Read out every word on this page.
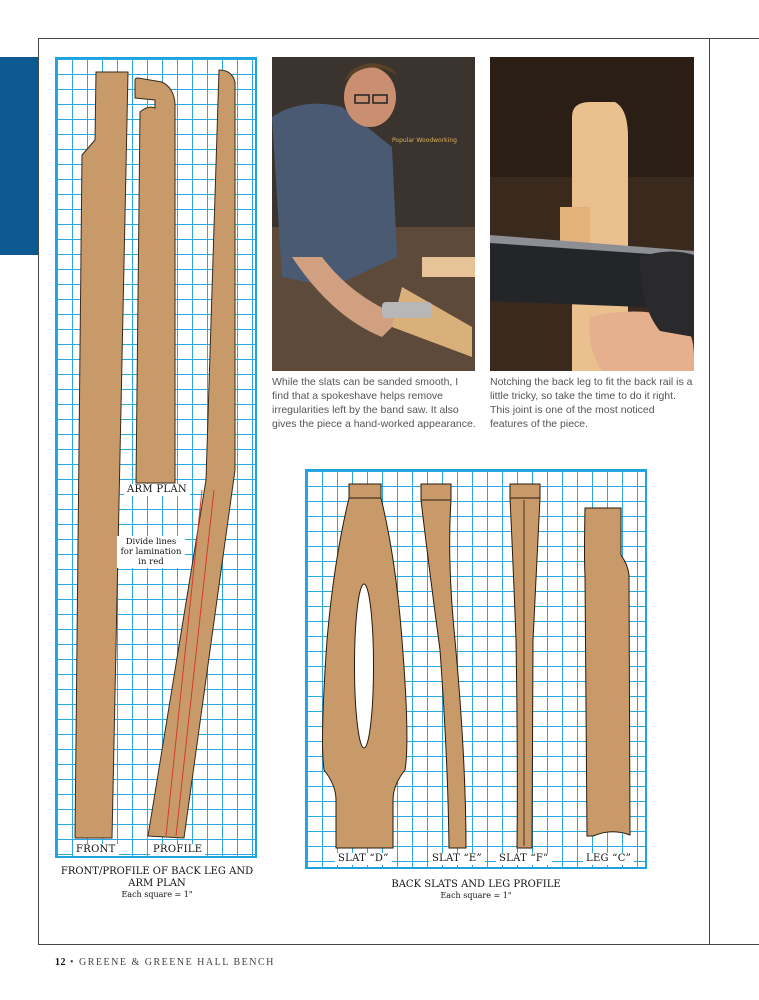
ARM PLAN
Divide lines for lamination in red
FRONT	PROFILE
FRONT/PROFILE OF BACK LEG AND ARM PLAN
Each square = 1"
Popular Woodworking
While the slats can be sanded smooth, I find that a spokeshave helps remove irregularities left by the band saw. It also gives the piece a hand-worked appearance.
Notching the back leg to fit the back rail is a little tricky, so take the time to do it right. This joint is one of the most noticed features of the piece.
SLAT “D”	SLAT “E”	SLAT “F”	LEG “C”
BACK SLATS AND LEG PROFILE
Each square = 1"
12 • GREENE & GREENE HALL BENCH
